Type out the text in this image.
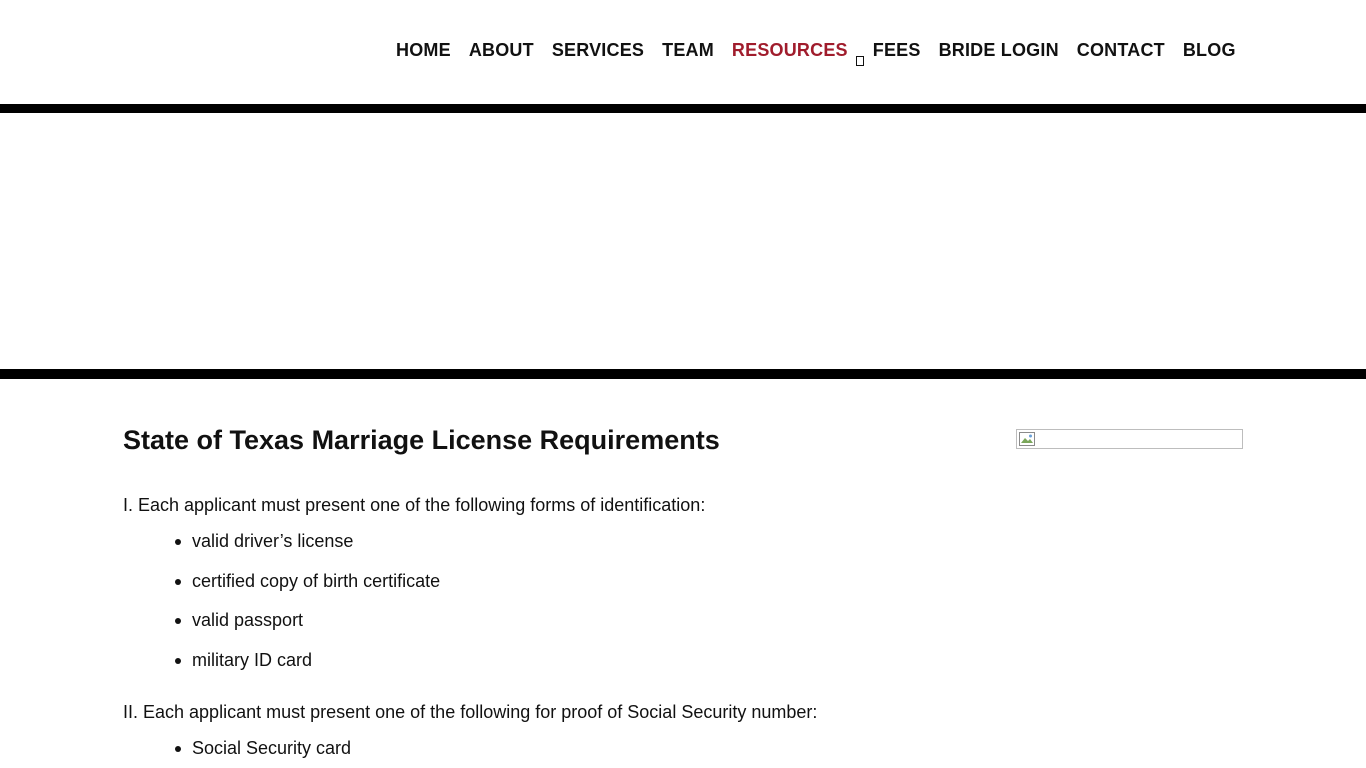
HOME ABOUT SERVICES TEAM RESOURCES FEES BRIDE LOGIN CONTACT BLOG
State of Texas Marriage License Requirements

I. Each applicant must present one of the following forms of identification:

valid driver’s license
certified copy of birth certificate
valid passport
military ID card

II. Each applicant must present one of the following for proof of Social Security number:

Social Security card
